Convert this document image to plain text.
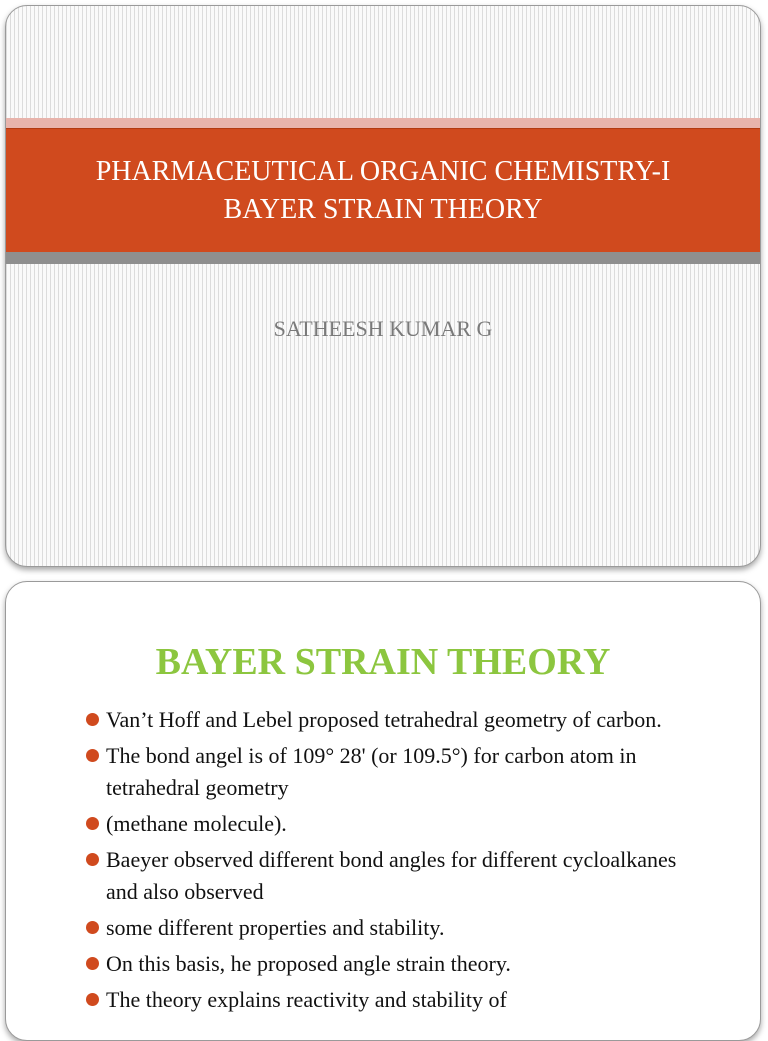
PHARMACEUTICAL ORGANIC CHEMISTRY-I
BAYER STRAIN THEORY
SATHEESH KUMAR G
BAYER STRAIN THEORY
Van’t Hoff and Lebel proposed tetrahedral geometry of carbon.
The bond angel is of 109° 28' (or 109.5°) for carbon atom in tetrahedral geometry
(methane molecule).
Baeyer observed different bond angles for different cycloalkanes and also observed
some different properties and stability.
On this basis, he proposed angle strain theory.
The theory explains reactivity and stability of
